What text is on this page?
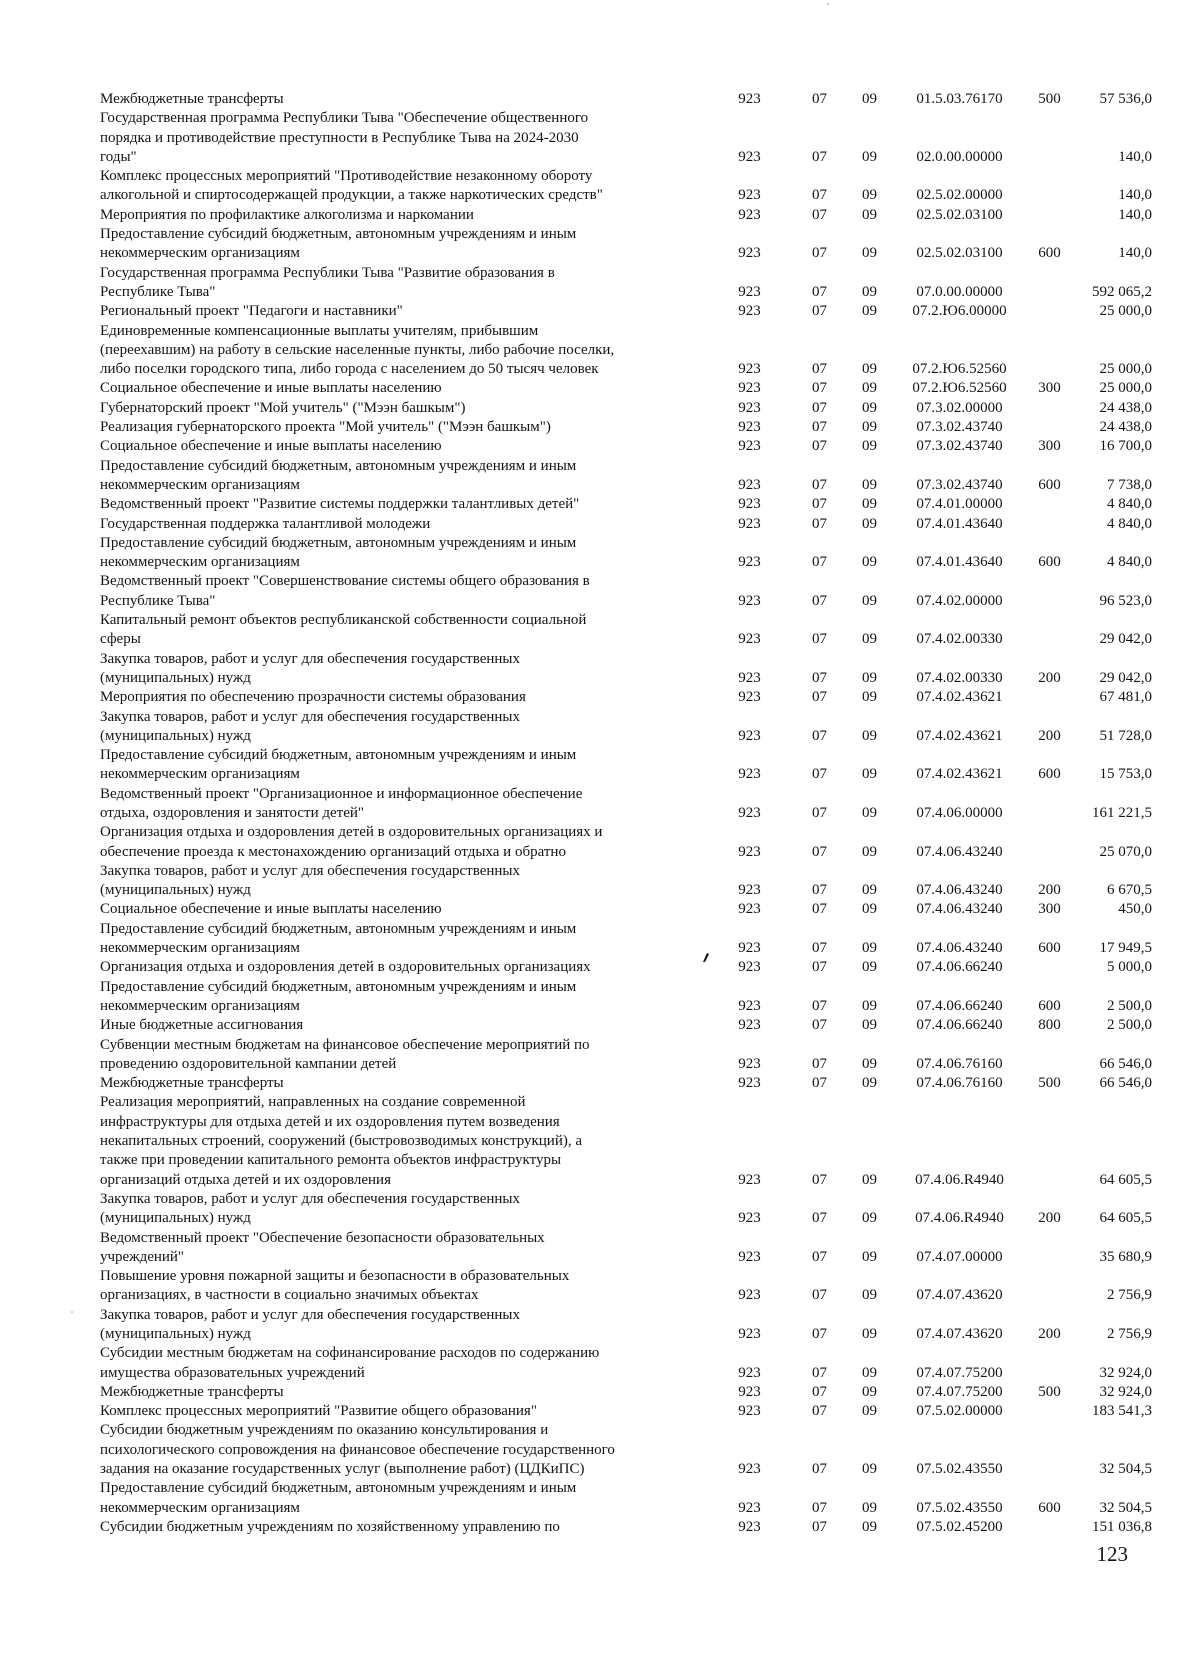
Межбюджетные трансферты	923	07	09	01.5.03.76170	500	57 536,0
Государственная программа Республики Тыва "Обеспечение общественного
порядка и противодействие преступности в Республике Тыва на 2024-2030
годы"	923	07	09	02.0.00.00000		140,0
Комплекс процессных мероприятий "Противодействие незаконному обороту
алкогольной и спиртосодержащей продукции, а также наркотических средств"	923	07	09	02.5.02.00000		140,0
Мероприятия по профилактике алкоголизма и наркомании	923	07	09	02.5.02.03100		140,0
Предоставление субсидий бюджетным, автономным учреждениям и иным
некоммерческим организациям	923	07	09	02.5.02.03100	600	140,0
Государственная программа Республики Тыва "Развитие образования в
Республике Тыва"	923	07	09	07.0.00.00000		592 065,2
Региональный проект "Педагоги и наставники"	923	07	09	07.2.Ю6.00000		25 000,0
Единовременные компенсационные выплаты учителям, прибывшим
(переехавшим) на работу в сельские населенные пункты, либо рабочие поселки,
либо поселки городского типа, либо города с населением до 50 тысяч человек	923	07	09	07.2.Ю6.52560		25 000,0
Социальное обеспечение и иные выплаты населению	923	07	09	07.2.Ю6.52560	300	25 000,0
Губернаторский проект "Мой учитель" ("Мээн башкым")	923	07	09	07.3.02.00000		24 438,0
Реализация губернаторского проекта "Мой учитель" ("Мээн башкым")	923	07	09	07.3.02.43740		24 438,0
Социальное обеспечение и иные выплаты населению	923	07	09	07.3.02.43740	300	16 700,0
Предоставление субсидий бюджетным, автономным учреждениям и иным
некоммерческим организациям	923	07	09	07.3.02.43740	600	7 738,0
Ведомственный проект "Развитие системы поддержки талантливых детей"	923	07	09	07.4.01.00000		4 840,0
Государственная поддержка талантливой молодежи	923	07	09	07.4.01.43640		4 840,0
Предоставление субсидий бюджетным, автономным учреждениям и иным
некоммерческим организациям	923	07	09	07.4.01.43640	600	4 840,0
Ведомственный проект "Совершенствование системы общего образования в
Республике Тыва"	923	07	09	07.4.02.00000		96 523,0
Капитальный ремонт объектов республиканской собственности социальной
сферы	923	07	09	07.4.02.00330		29 042,0
Закупка товаров, работ и услуг для обеспечения государственных
(муниципальных) нужд	923	07	09	07.4.02.00330	200	29 042,0
Мероприятия по обеспечению прозрачности системы образования	923	07	09	07.4.02.43621		67 481,0
Закупка товаров, работ и услуг для обеспечения государственных
(муниципальных) нужд	923	07	09	07.4.02.43621	200	51 728,0
Предоставление субсидий бюджетным, автономным учреждениям и иным
некоммерческим организациям	923	07	09	07.4.02.43621	600	15 753,0
Ведомственный проект "Организационное и информационное обеспечение
отдыха, оздоровления и занятости детей"	923	07	09	07.4.06.00000		161 221,5
Организация отдыха и оздоровления детей в оздоровительных организациях и
обеспечение проезда к местонахождению организаций отдыха и обратно	923	07	09	07.4.06.43240		25 070,0
Закупка товаров, работ и услуг для обеспечения государственных
(муниципальных) нужд	923	07	09	07.4.06.43240	200	6 670,5
Социальное обеспечение и иные выплаты населению	923	07	09	07.4.06.43240	300	450,0
Предоставление субсидий бюджетным, автономным учреждениям и иным
некоммерческим организациям	923	07	09	07.4.06.43240	600	17 949,5
Организация отдыха и оздоровления детей в оздоровительных организациях	923	07	09	07.4.06.66240		5 000,0
Предоставление субсидий бюджетным, автономным учреждениям и иным
некоммерческим организациям	923	07	09	07.4.06.66240	600	2 500,0
Иные бюджетные ассигнования	923	07	09	07.4.06.66240	800	2 500,0
Субвенции местным бюджетам на финансовое обеспечение мероприятий по
проведению оздоровительной кампании детей	923	07	09	07.4.06.76160		66 546,0
Межбюджетные трансферты	923	07	09	07.4.06.76160	500	66 546,0
Реализация мероприятий, направленных на создание современной
инфраструктуры для отдыха детей и их оздоровления путем возведения
некапитальных строений, сооружений (быстровозводимых конструкций), а
также при проведении капитального ремонта объектов инфраструктуры
организаций отдыха детей и их оздоровления	923	07	09	07.4.06.R4940		64 605,5
Закупка товаров, работ и услуг для обеспечения государственных
(муниципальных) нужд	923	07	09	07.4.06.R4940	200	64 605,5
Ведомственный проект "Обеспечение безопасности образовательных
учреждений"	923	07	09	07.4.07.00000		35 680,9
Повышение уровня пожарной защиты и безопасности в образовательных
организациях, в частности в социально значимых объектах	923	07	09	07.4.07.43620		2 756,9
Закупка товаров, работ и услуг для обеспечения государственных
(муниципальных) нужд	923	07	09	07.4.07.43620	200	2 756,9
Субсидии местным бюджетам на софинансирование расходов по содержанию
имущества образовательных учреждений	923	07	09	07.4.07.75200		32 924,0
Межбюджетные трансферты	923	07	09	07.4.07.75200	500	32 924,0
Комплекс процессных мероприятий "Развитие общего образования"	923	07	09	07.5.02.00000		183 541,3
Субсидии бюджетным учреждениям по оказанию консультирования и
психологического сопровождения на финансовое обеспечение государственного
задания на оказание государственных услуг (выполнение работ) (ЦДКиПС)	923	07	09	07.5.02.43550		32 504,5
Предоставление субсидий бюджетным, автономным учреждениям и иным
некоммерческим организациям	923	07	09	07.5.02.43550	600	32 504,5
Субсидии бюджетным учреждениям по хозяйственному управлению по	923	07	09	07.5.02.45200		151 036,8
123
